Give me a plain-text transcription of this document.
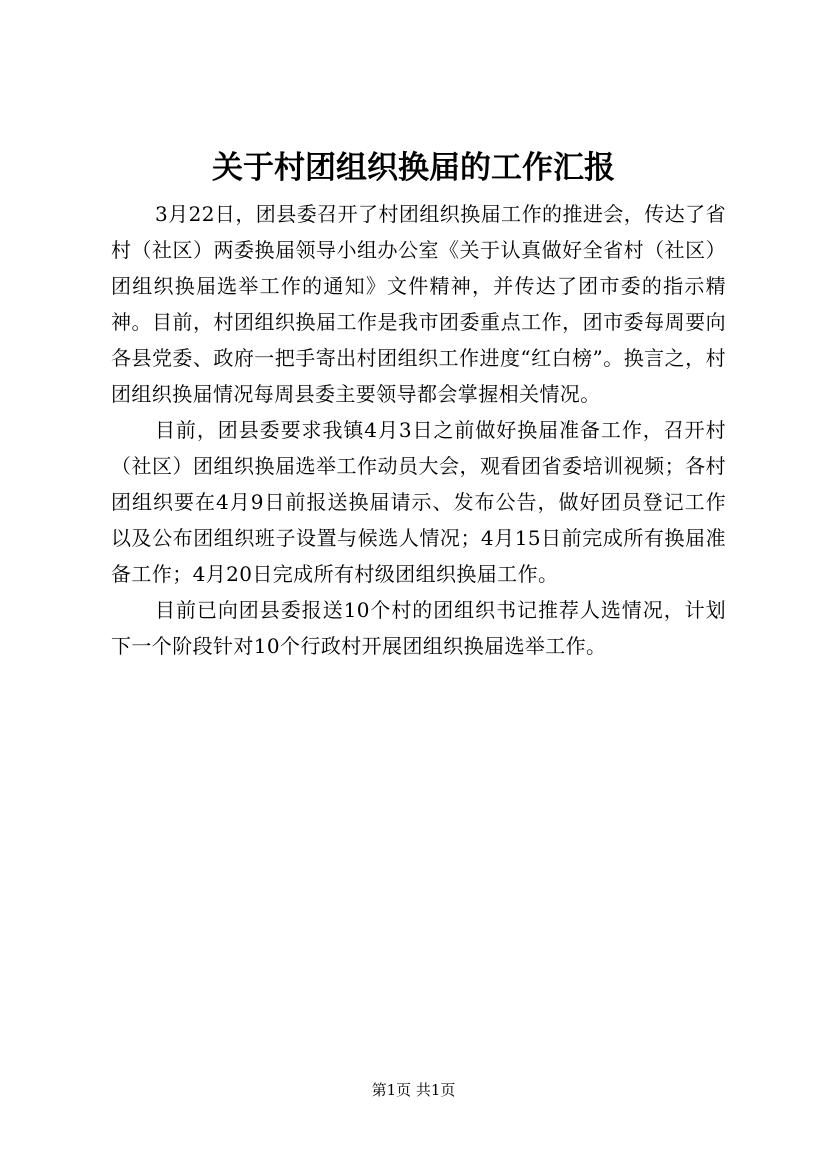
关于村团组织换届的工作汇报

3月22日，团县委召开了村团组织换届工作的推进会，传达了省村（社区）两委换届领导小组办公室《关于认真做好全省村（社区）团组织换届选举工作的通知》文件精神，并传达了团市委的指示精神。目前，村团组织换届工作是我市团委重点工作，团市委每周要向各县党委、政府一把手寄出村团组织工作进度“红白榜”。换言之，村团组织换届情况每周县委主要领导都会掌握相关情况。

目前，团县委要求我镇4月3日之前做好换届准备工作，召开村（社区）团组织换届选举工作动员大会，观看团省委培训视频；各村团组织要在4月9日前报送换届请示、发布公告，做好团员登记工作以及公布团组织班子设置与候选人情况；4月15日前完成所有换届准备工作；4月20日完成所有村级团组织换届工作。

目前已向团县委报送10个村的团组织书记推荐人选情况，计划下一个阶段针对10个行政村开展团组织换届选举工作。

第1页 共1页
